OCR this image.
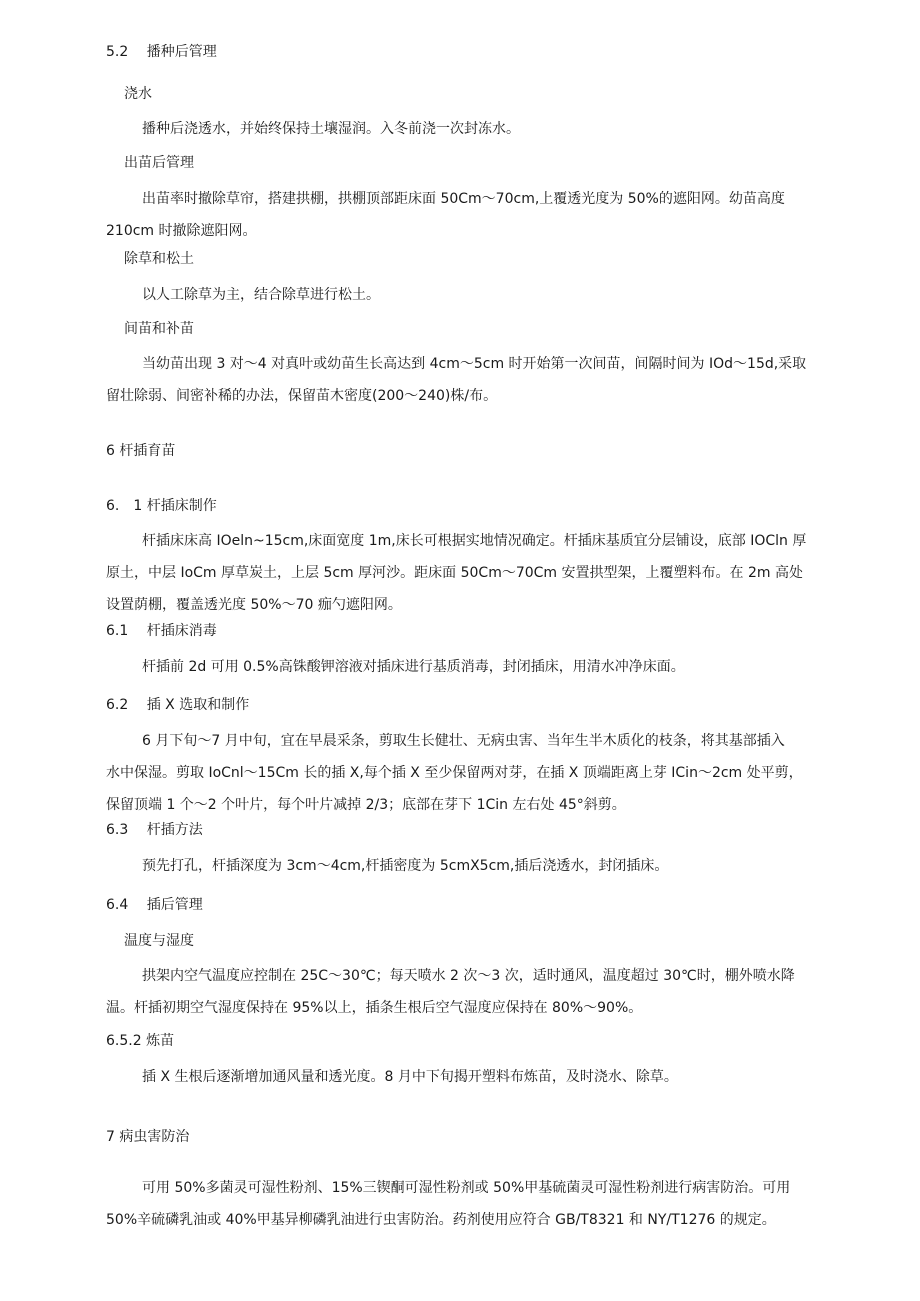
5.2　 播种后管理
浇水
播种后浇透水，并始终保持土壤湿润。入冬前浇一次封冻水。
出苗后管理
出苗率时撤除草帘，搭建拱棚，拱棚顶部距床面 50Cm～70cm,上覆透光度为 50%的遮阳网。幼苗高度
210cm 时撤除遮阳网。
除草和松土
以人工除草为主，结合除草进行松土。
间苗和补苗
当幼苗出现 3 对～4 对真叶或幼苗生长高达到 4cm～5cm 时开始第一次间苗，间隔时间为 IOd～15d,采取
留壮除弱、间密补稀的办法，保留苗木密度(200～240)株/布。
6 杆插育苗
6.　1 杆插床制作
杆插床床高 IOeln~15cm,床面宽度 1m,床长可根据实地情况确定。杆插床基质宜分层铺设，底部 IOCln 厚
原土，中层 IoCm 厚草炭土，上层 5cm 厚河沙。距床面 50Cm～70Cm 安置拱型架，上覆塑料布。在 2m 高处
设置荫棚，覆盖透光度 50%～70 痂勺遮阳网。
6.1　 杆插床消毒
杆插前 2d 可用 0.5%高铢酸钾溶液对插床进行基质消毒，封闭插床，用清水冲净床面。
6.2　 插 X 选取和制作
6 月下旬～7 月中旬，宜在早晨采条，剪取生长健壮、无病虫害、当年生半木质化的枝条，将其基部插入
水中保湿。剪取 IoCnl～15Cm 长的插 X,每个插 X 至少保留两对芽，在插 X 顶端距离上芽 ICin～2cm 处平剪，
保留顶端 1 个～2 个叶片，每个叶片减掉 2/3；底部在芽下 1Cin 左右处 45°斜剪。
6.3　 杆插方法
预先打孔，杆插深度为 3cm～4cm,杆插密度为 5cmX5cm,插后浇透水，封闭插床。
6.4　 插后管理
温度与湿度
拱架内空气温度应控制在 25C～30℃；每天喷水 2 次～3 次，适时通风，温度超过 30℃时，棚外喷水降
温。杆插初期空气湿度保持在 95%以上，插条生根后空气湿度应保持在 80%～90%。
6.5.2 炼苗
插 X 生根后逐渐增加通风量和透光度。8 月中下旬揭开塑料布炼苗，及时浇水、除草。
7 病虫害防治
可用 50%多菌灵可湿性粉剂、15%三锲酮可湿性粉剂或 50%甲基硫菌灵可湿性粉剂进行病害防治。可用
50%辛硫磷乳油或 40%甲基异柳磷乳油进行虫害防治。药剂使用应符合 GB/T8321 和 NY/T1276 的规定。
